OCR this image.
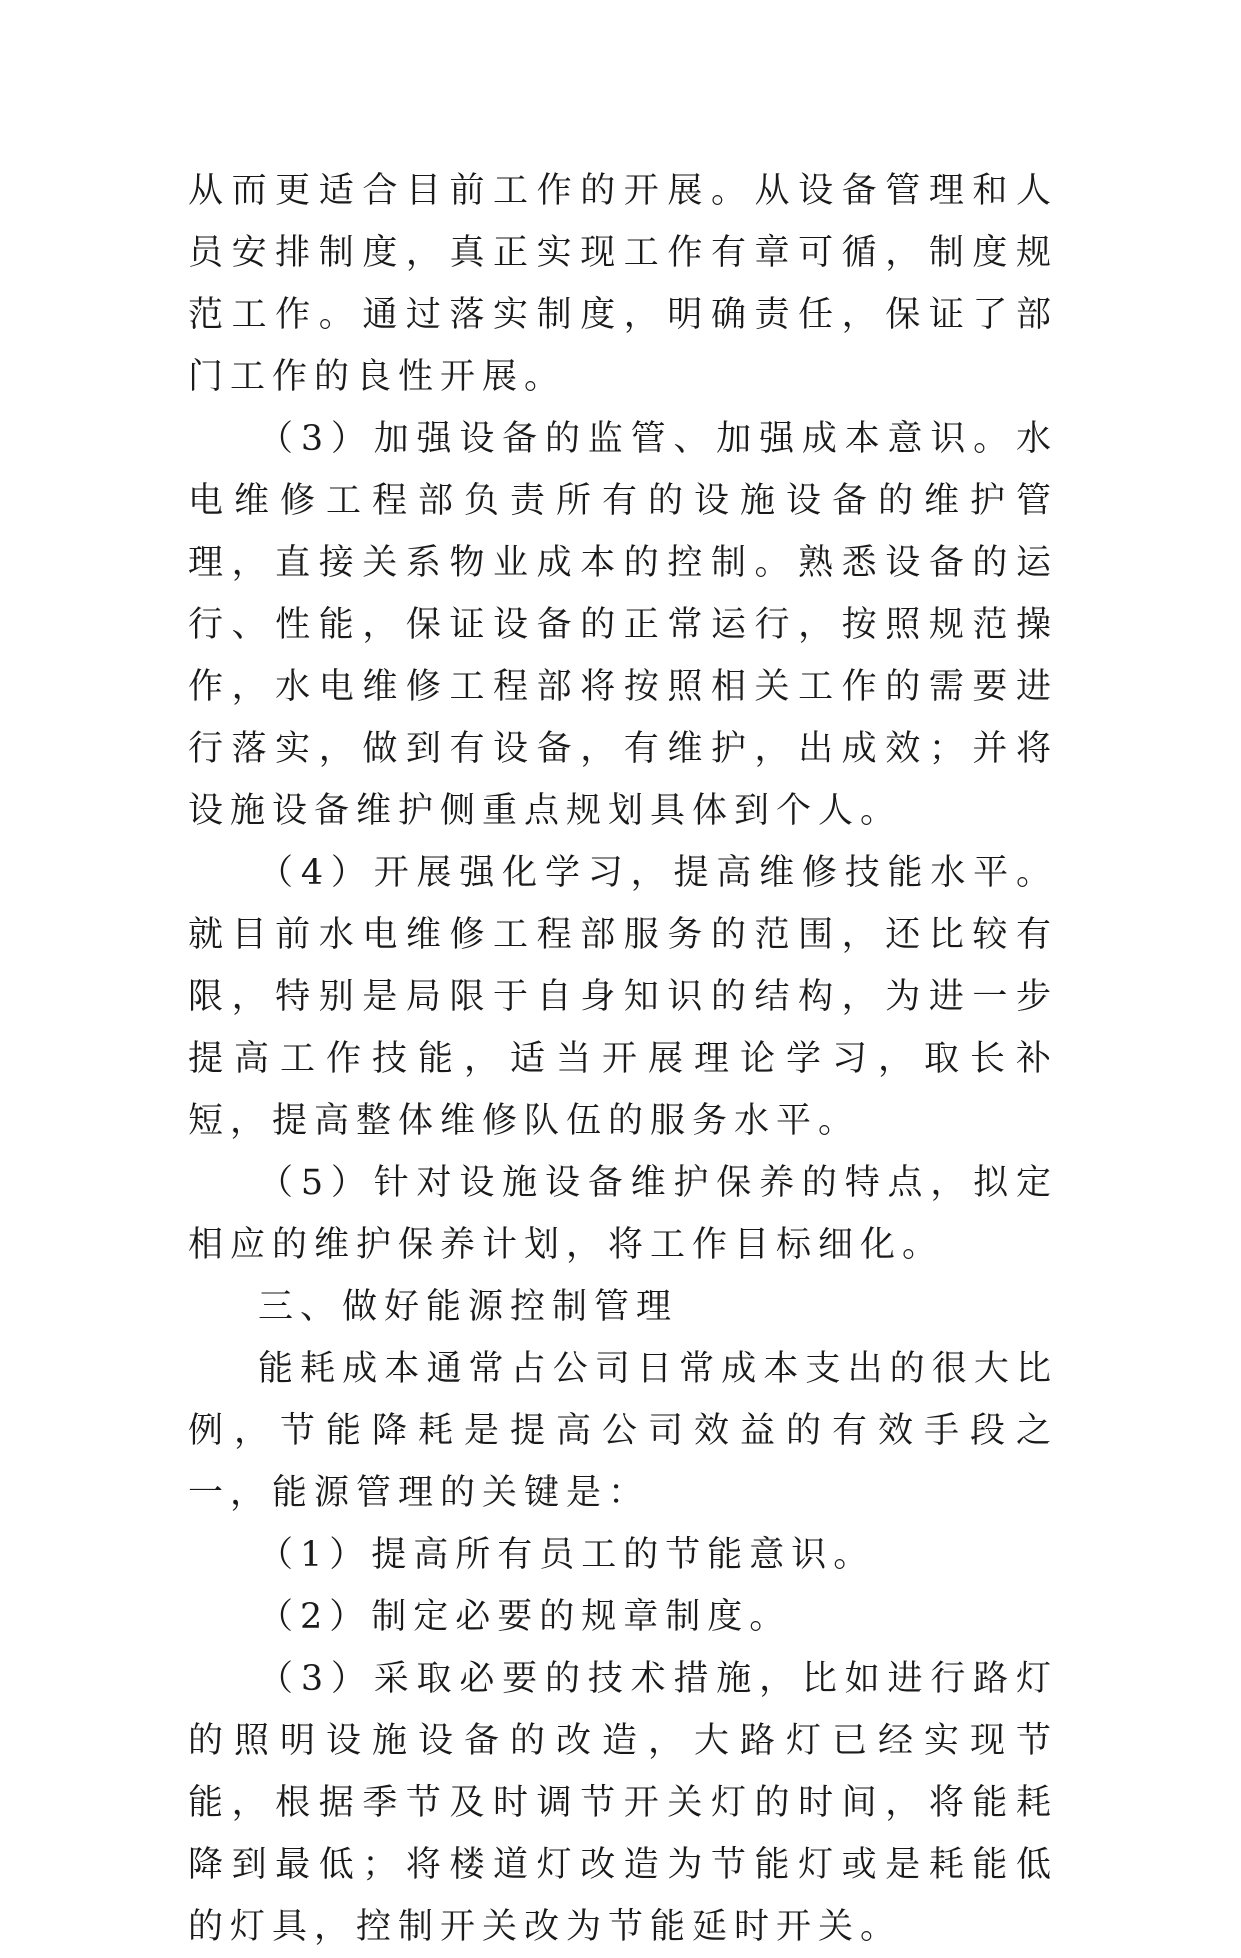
从而更适合目前工作的开展。从设备管理和人员安排制度，真正实现工作有章可循，制度规范工作。通过落实制度，明确责任，保证了部门工作的良性开展。

（3）加强设备的监管、加强成本意识。水电维修工程部负责所有的设施设备的维护管理，直接关系物业成本的控制。熟悉设备的运行、性能，保证设备的正常运行，按照规范操作，水电维修工程部将按照相关工作的需要进行落实，做到有设备，有维护，出成效；并将设施设备维护侧重点规划具体到个人。

（4）开展强化学习，提高维修技能水平。就目前水电维修工程部服务的范围，还比较有限，特别是局限于自身知识的结构，为进一步提高工作技能，适当开展理论学习，取长补短，提高整体维修队伍的服务水平。

（5）针对设施设备维护保养的特点，拟定相应的维护保养计划，将工作目标细化。

三、做好能源控制管理

能耗成本通常占公司日常成本支出的很大比例，节能降耗是提高公司效益的有效手段之一，能源管理的关键是：

（1）提高所有员工的节能意识。

（2）制定必要的规章制度。

（3）采取必要的技术措施，比如进行路灯的照明设施设备的改造，大路灯已经实现节能，根据季节及时调节开关灯的时间，将能耗降到最低；将楼道灯改造为节能灯或是耗能低的灯具，控制开关改为节能延时开关。
